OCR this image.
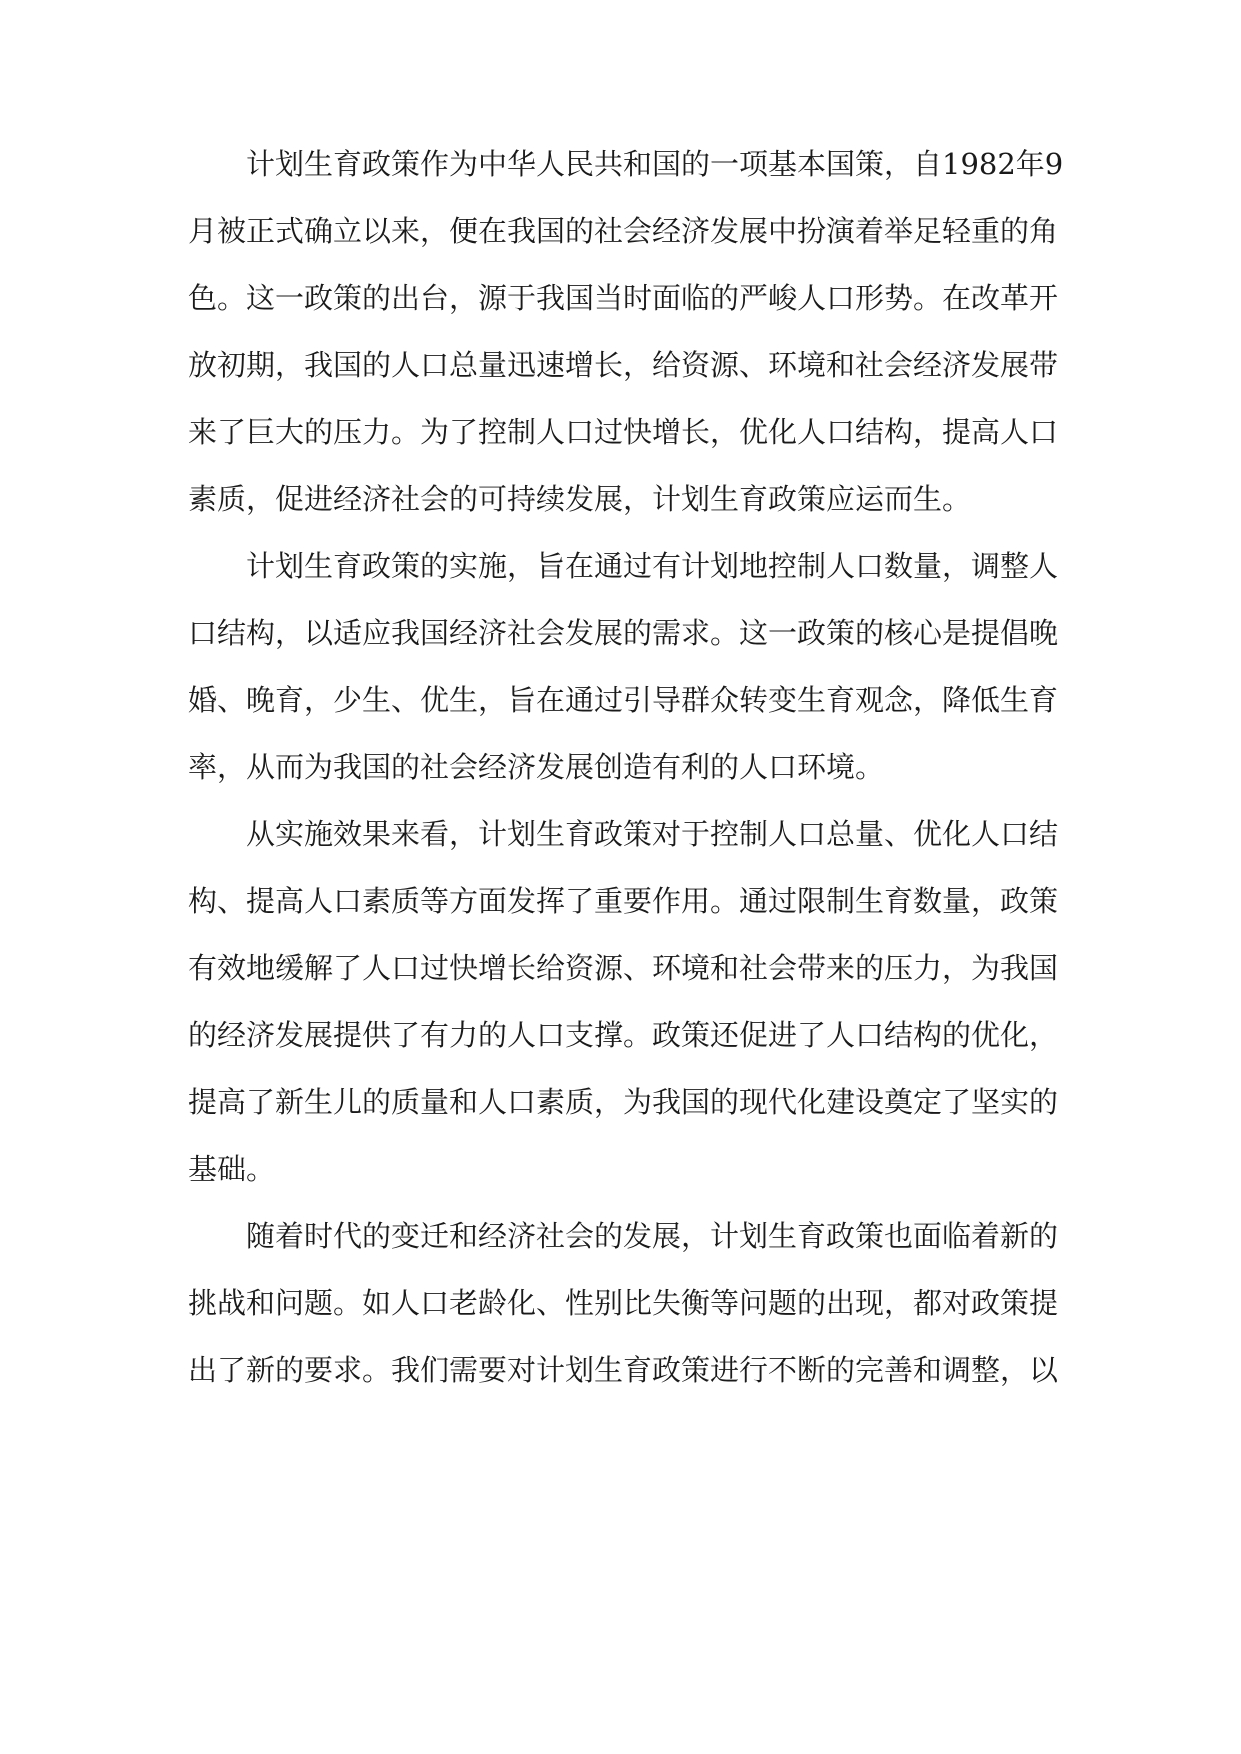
计划生育政策作为中华人民共和国的一项基本国策，自1982年9
月被正式确立以来，便在我国的社会经济发展中扮演着举足轻重的角
色。这一政策的出台，源于我国当时面临的严峻人口形势。在改革开
放初期，我国的人口总量迅速增长，给资源、环境和社会经济发展带
来了巨大的压力。为了控制人口过快增长，优化人口结构，提高人口
素质，促进经济社会的可持续发展，计划生育政策应运而生。
计划生育政策的实施，旨在通过有计划地控制人口数量，调整人
口结构，以适应我国经济社会发展的需求。这一政策的核心是提倡晚
婚、晚育，少生、优生，旨在通过引导群众转变生育观念，降低生育
率，从而为我国的社会经济发展创造有利的人口环境。
从实施效果来看，计划生育政策对于控制人口总量、优化人口结
构、提高人口素质等方面发挥了重要作用。通过限制生育数量，政策
有效地缓解了人口过快增长给资源、环境和社会带来的压力，为我国
的经济发展提供了有力的人口支撑。政策还促进了人口结构的优化，
提高了新生儿的质量和人口素质，为我国的现代化建设奠定了坚实的
基础。
随着时代的变迁和经济社会的发展，计划生育政策也面临着新的
挑战和问题。如人口老龄化、性别比失衡等问题的出现，都对政策提
出了新的要求。我们需要对计划生育政策进行不断的完善和调整，以
